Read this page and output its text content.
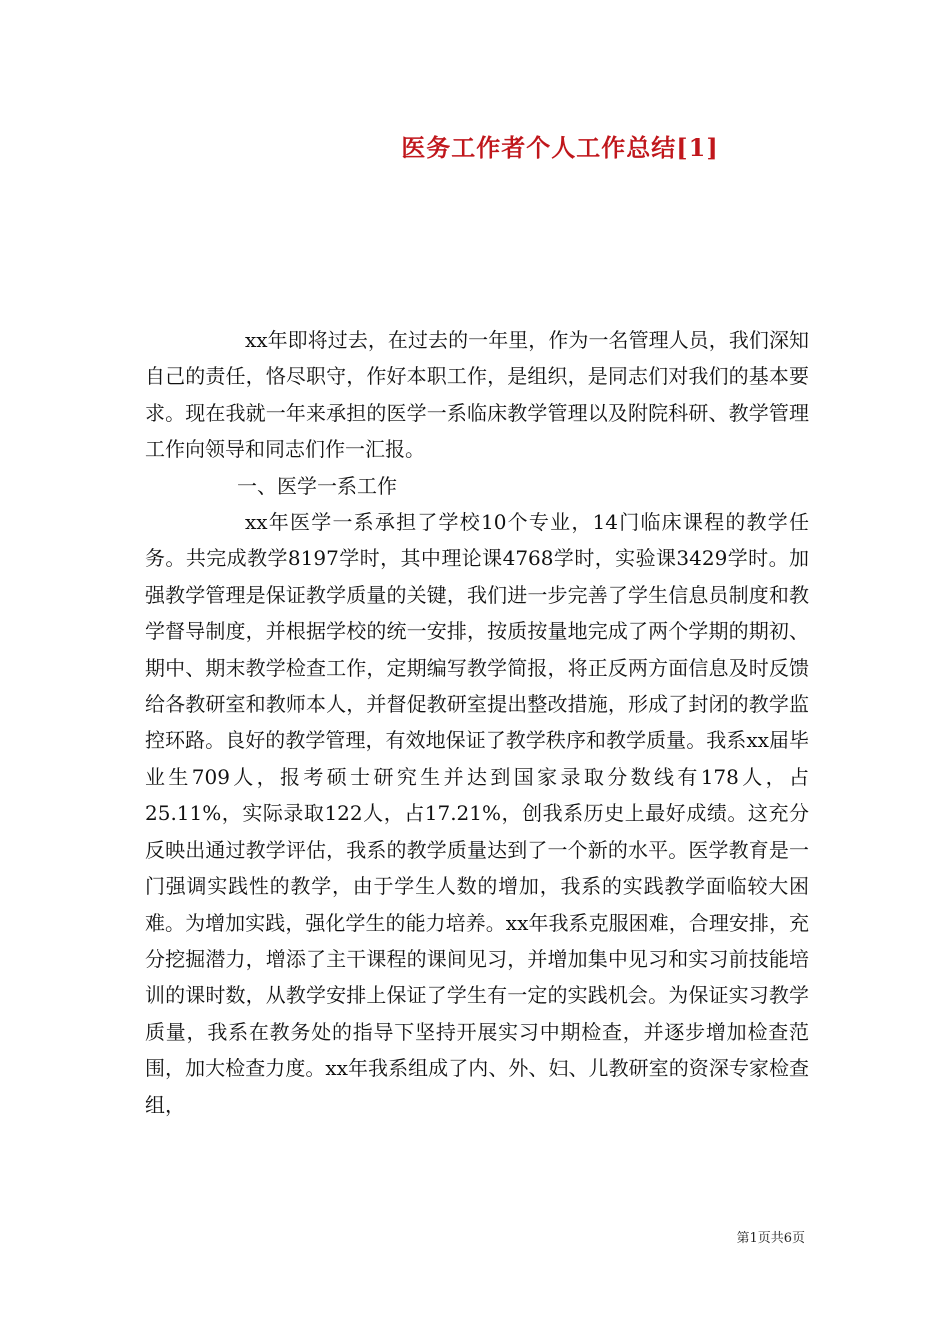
医务工作者个人工作总结[1]

xx年即将过去，在过去的一年里，作为一名管理人员，我们深知自己的责任，恪尽职守，作好本职工作，是组织，是同志们对我们的基本要求。现在我就一年来承担的医学一系临床教学管理以及附院科研、教学管理工作向领导和同志们作一汇报。

一、医学一系工作

xx年医学一系承担了学校10个专业，14门临床课程的教学任务。共完成教学8197学时，其中理论课4768学时，实验课3429学时。加强教学管理是保证教学质量的关键，我们进一步完善了学生信息员制度和教学督导制度，并根据学校的统一安排，按质按量地完成了两个学期的期初、期中、期末教学检查工作，定期编写教学简报，将正反两方面信息及时反馈给各教研室和教师本人，并督促教研室提出整改措施，形成了封闭的教学监控环路。良好的教学管理，有效地保证了教学秩序和教学质量。我系xx届毕业生709人，报考硕士研究生并达到国家录取分数线有178人，占25.11%，实际录取122人，占17.21%，创我系历史上最好成绩。这充分反映出通过教学评估，我系的教学质量达到了一个新的水平。医学教育是一门强调实践性的教学，由于学生人数的增加，我系的实践教学面临较大困难。为增加实践，强化学生的能力培养。xx年我系克服困难，合理安排，充分挖掘潜力，增添了主干课程的课间见习，并增加集中见习和实习前技能培训的课时数，从教学安排上保证了学生有一定的实践机会。为保证实习教学质量，我系在教务处的指导下坚持开展实习中期检查，并逐步增加检查范围，加大检查力度。xx年我系组成了内、外、妇、儿教研室的资深专家检查组，

第1页共6页
